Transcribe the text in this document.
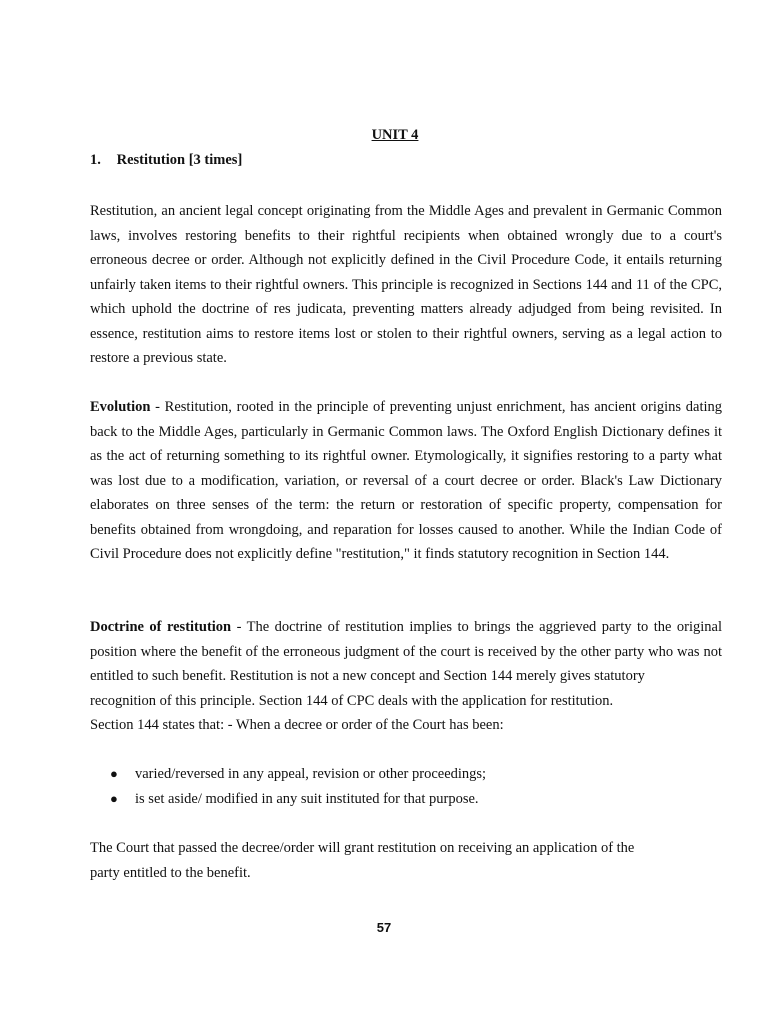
UNIT 4
1. Restitution [3 times]

Restitution, an ancient legal concept originating from the Middle Ages and prevalent in Germanic Common laws, involves restoring benefits to their rightful recipients when obtained wrongly due to a court's erroneous decree or order. Although not explicitly defined in the Civil Procedure Code, it entails returning unfairly taken items to their rightful owners. This principle is recognized in Sections 144 and 11 of the CPC, which uphold the doctrine of res judicata, preventing matters already adjudged from being revisited. In essence, restitution aims to restore items lost or stolen to their rightful owners, serving as a legal action to restore a previous state.

Evolution - Restitution, rooted in the principle of preventing unjust enrichment, has ancient origins dating back to the Middle Ages, particularly in Germanic Common laws. The Oxford English Dictionary defines it as the act of returning something to its rightful owner. Etymologically, it signifies restoring to a party what was lost due to a modification, variation, or reversal of a court decree or order. Black's Law Dictionary elaborates on three senses of the term: the return or restoration of specific property, compensation for benefits obtained from wrongdoing, and reparation for losses caused to another. While the Indian Code of Civil Procedure does not explicitly define "restitution," it finds statutory recognition in Section 144.

Doctrine of restitution - The doctrine of restitution implies to brings the aggrieved party to the original position where the benefit of the erroneous judgment of the court is received by the other party who was not entitled to such benefit. Restitution is not a new concept and Section 144 merely gives statutory
recognition of this principle. Section 144 of CPC deals with the application for restitution.
Section 144 states that: - When a decree or order of the Court has been:
● varied/reversed in any appeal, revision or other proceedings;
● is set aside/ modified in any suit instituted for that purpose.
The Court that passed the decree/order will grant restitution on receiving an application of the
party entitled to the benefit.
57
